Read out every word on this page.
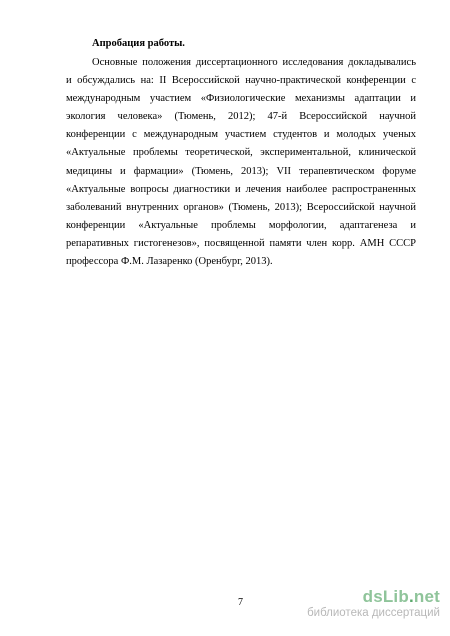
Апробация работы.
Основные положения диссертационного исследования докладывались
и обсуждались на: II Всероссийской научно-практической конференции с
международным участием «Физиологические механизмы адаптации и
экология человека» (Тюмень, 2012); 47-й Всероссийской научной
конференции с международным участием студентов и молодых ученых
«Актуальные проблемы теоретической, экспериментальной, клинической
медицины и фармации» (Тюмень, 2013); VII терапевтическом форуме
«Актуальные вопросы диагностики и лечения наиболее распространенных
заболеваний внутренних органов» (Тюмень, 2013); Всероссийской научной
конференции «Актуальные проблемы морфологии, адаптагенеза и
репаративных гистогенезов», посвященной памяти член корр. АМН СССР
профессора Ф.М. Лазаренко (Оренбург, 2013).
7	dsLib.net
библиотека диссертаций
